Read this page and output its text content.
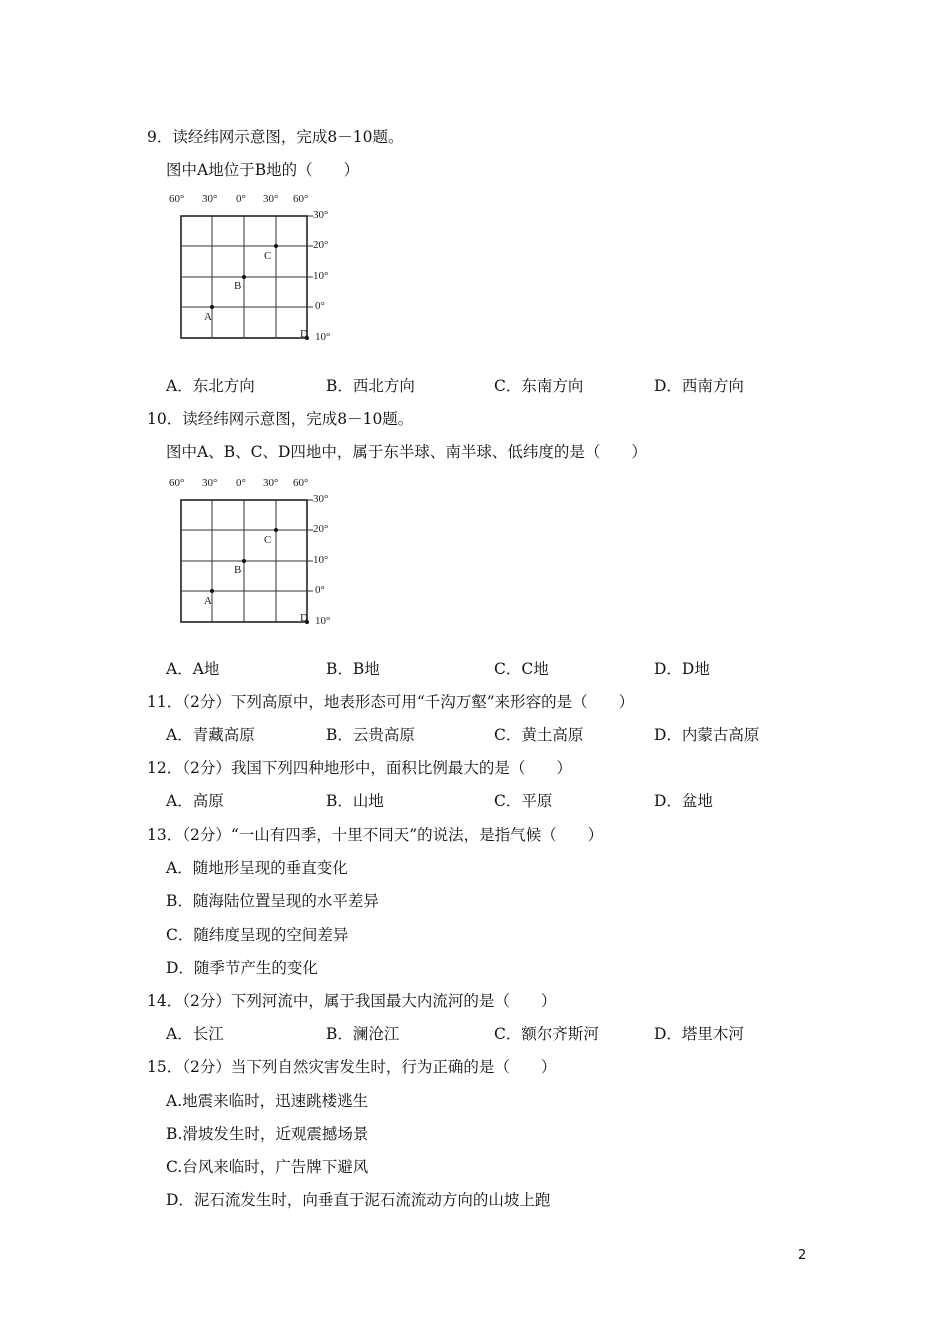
9．读经纬网示意图，完成8－10题。
图中A地位于B地的（　　）
60° 30° 0° 30° 60°
30°
20°
10°
0°
10°
C
B
A
D
A．东北方向	B．西北方向	C．东南方向	D．西南方向
10．读经纬网示意图，完成8－10题。
图中A、B、C、D四地中，属于东半球、南半球、低纬度的是（　　）
60° 30° 0° 30° 60°
30°
20°
10°
0°
10°
C
B
A
D
A．A地	B．B地	C．C地	D．D地
11．（2分）下列高原中，地表形态可用“千沟万壑”来形容的是（　　）
A．青藏高原	B．云贵高原	C．黄土高原	D．内蒙古高原
12．（2分）我国下列四种地形中，面积比例最大的是（　　）
A．高原	B．山地	C．平原	D．盆地
13．（2分）“一山有四季，十里不同天”的说法，是指气候（　　）
A．随地形呈现的垂直变化
B．随海陆位置呈现的水平差异
C．随纬度呈现的空间差异
D．随季节产生的变化
14．（2分）下列河流中，属于我国最大内流河的是（　　）
A．长江	B．澜沧江	C．额尔齐斯河	D．塔里木河
15．（2分）当下列自然灾害发生时，行为正确的是（　　）
A.地震来临时，迅速跳楼逃生
B.滑坡发生时，近观震撼场景
C.台风来临时，广告牌下避风
D．泥石流发生时，向垂直于泥石流流动方向的山坡上跑
2
